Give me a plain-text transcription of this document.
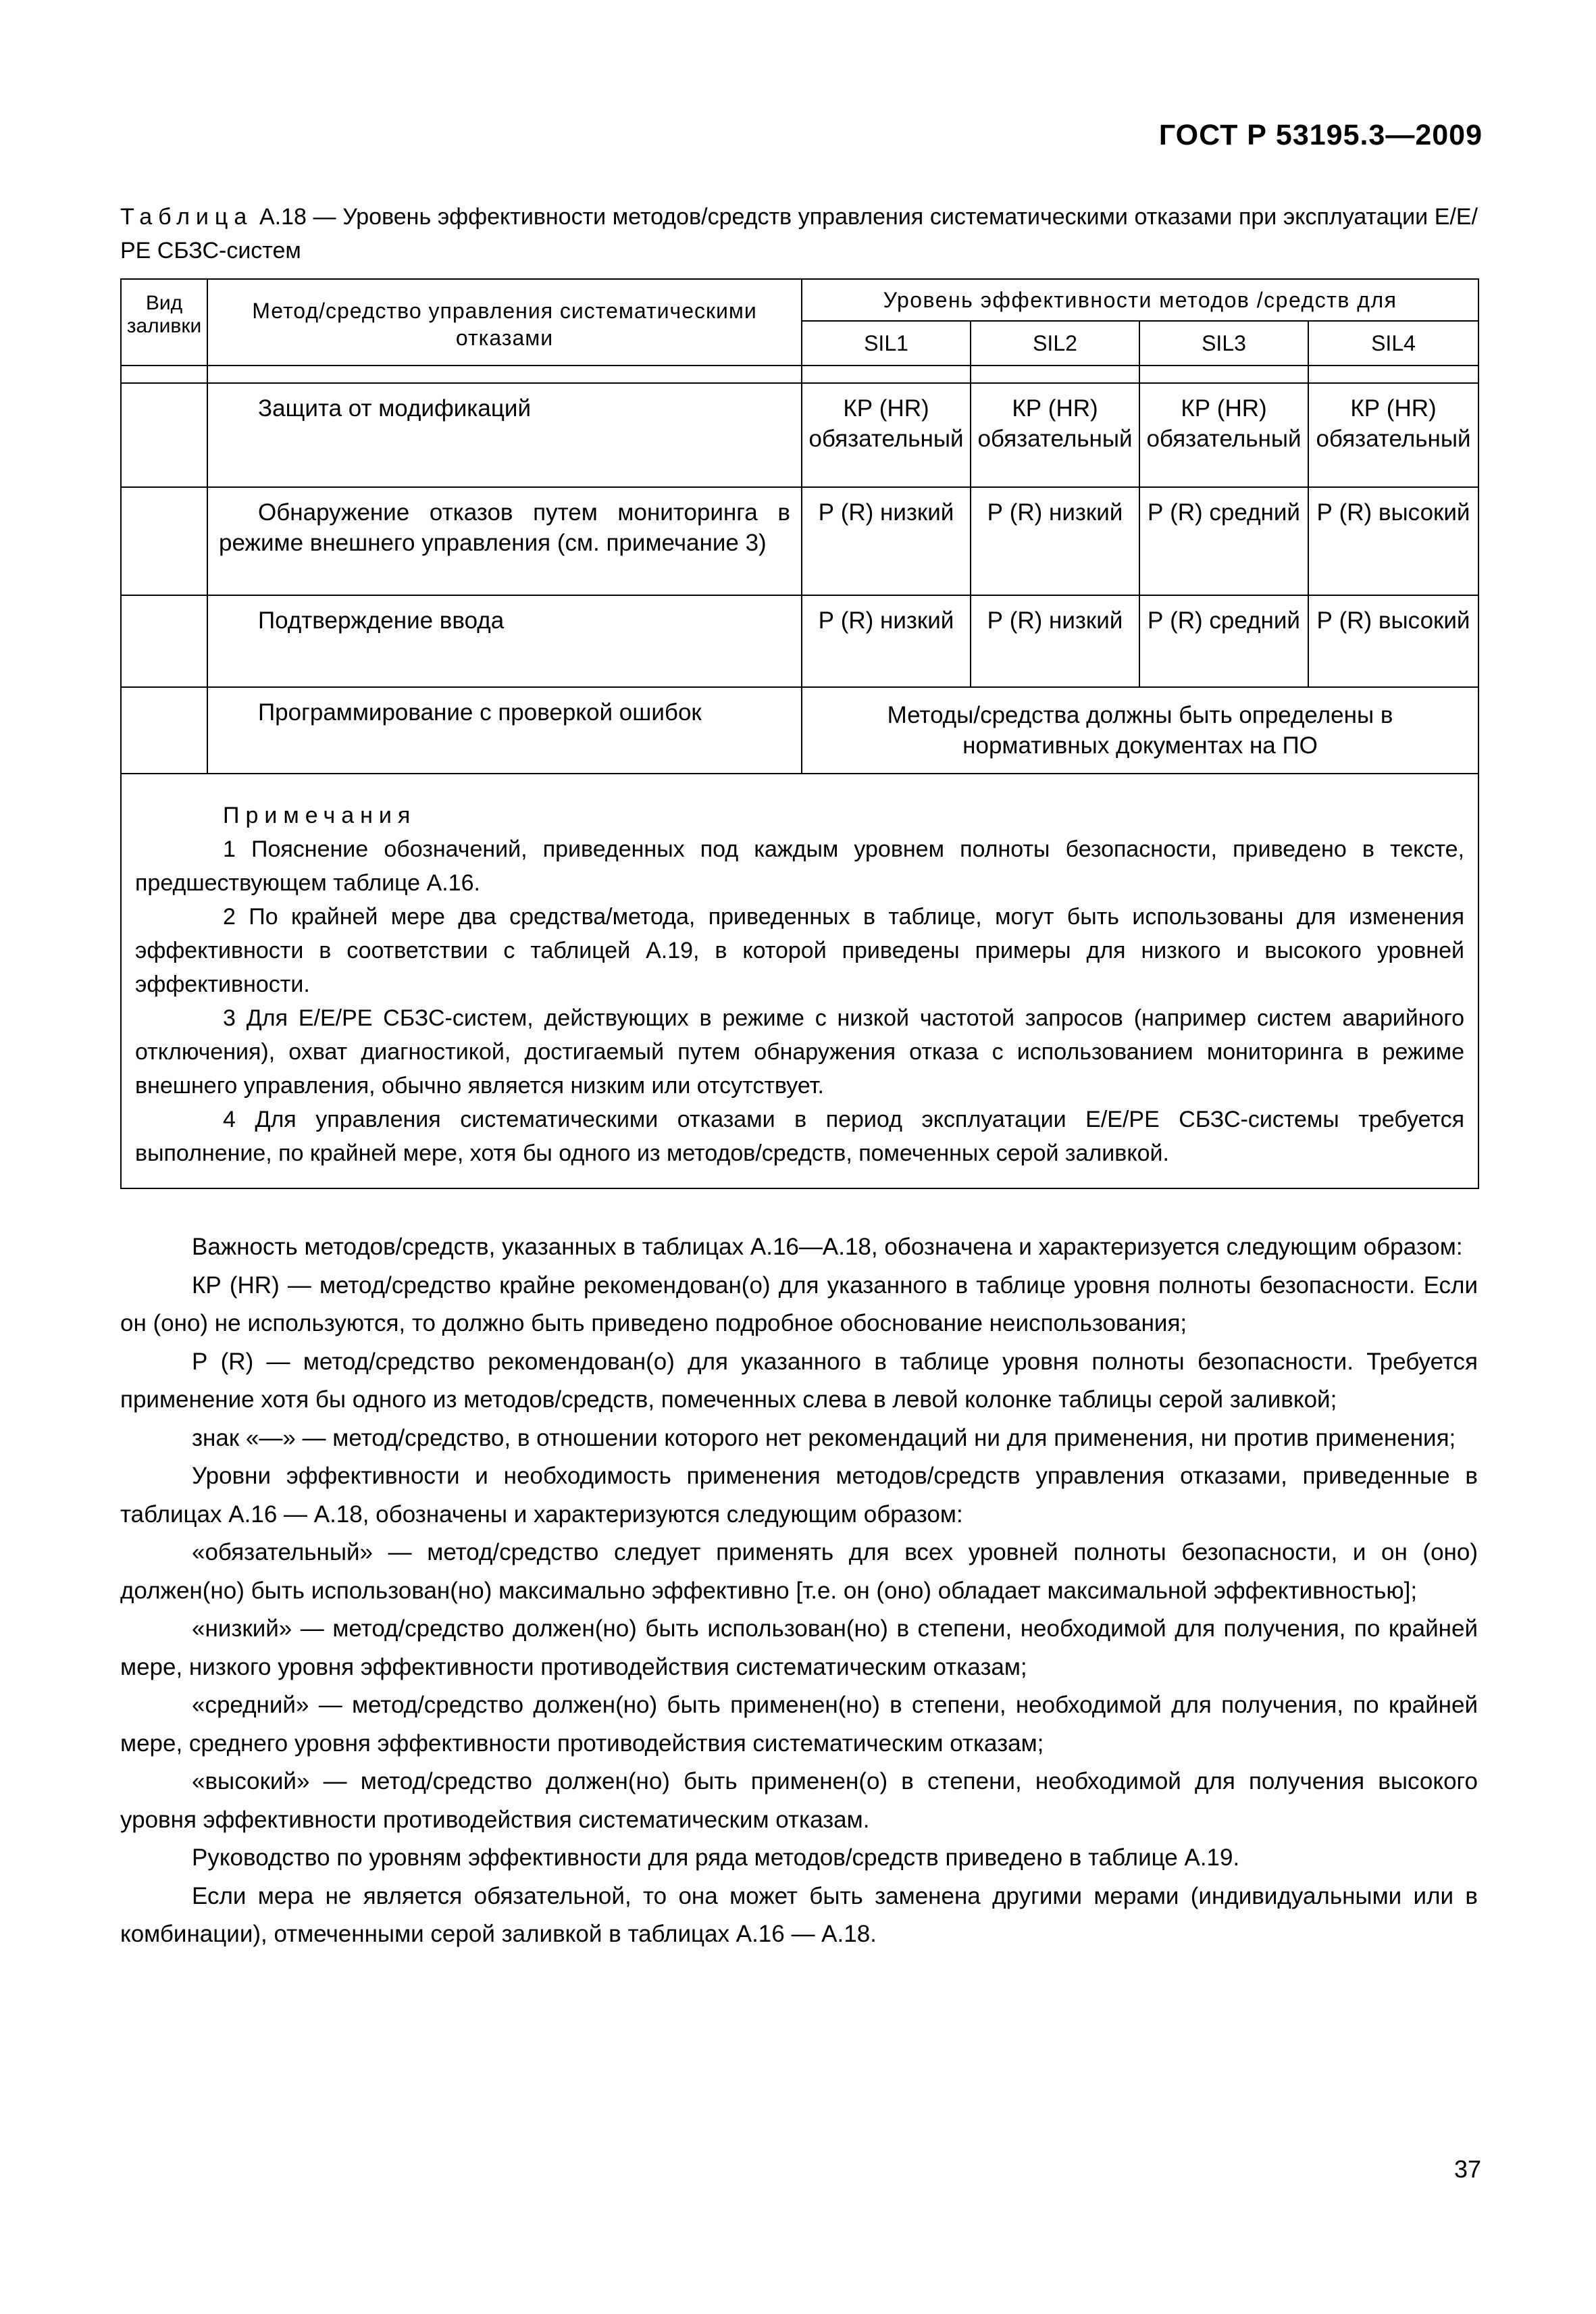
ГОСТ Р 53195.3—2009
Таблица А.18 — Уровень эффективности методов/средств управления систематическими отказами при эксплуатации Е/Е/РЕ СБЗС-систем
Вид заливки	Метод/средство управления систематическими отказами	Уровень эффективности методов /средств для			
		SIL1	SIL2	SIL3	SIL4

	Защита от модификаций	КР (HR) обязательный	КР (HR) обязательный	КР (HR) обязательный	КР (HR) обязательный
	Обнаружение отказов путем мониторинга в режиме внешнего управления (см. примечание 3)	Р (R) низкий	Р (R) низкий	Р (R) средний	Р (R) высокий
	Подтверждение ввода	Р (R) низкий	Р (R) низкий	Р (R) средний	Р (R) высокий
	Программирование с проверкой ошибок	Методы/средства должны быть определены в нормативных документах на ПО			

Примечания

1 Пояснение обозначений, приведенных под каждым уровнем полноты безопасности, приведено в тексте, предшествующем таблице А.16.

2 По крайней мере два средства/метода, приведенных в таблице, могут быть использованы для изменения эффективности в соответствии с таблицей А.19, в которой приведены примеры для низкого и высокого уровней эффективности.

3 Для Е/Е/РЕ СБЗС-систем, действующих в режиме с низкой частотой запросов (например систем аварийного отключения), охват диагностикой, достигаемый путем обнаружения отказа с использованием мониторинга в режиме внешнего управления, обычно является низким или отсутствует.

4 Для управления систематическими отказами в период эксплуатации Е/Е/РЕ СБЗС-системы требуется выполнение, по крайней мере, хотя бы одного из методов/средств, помеченных серой заливкой.					

Важность методов/средств, указанных в таблицах А.16—А.18, обозначена и характеризуется следующим образом:

КР (HR) — метод/средство крайне рекомендован(о) для указанного в таблице уровня полноты безопасности. Если он (оно) не используются, то должно быть приведено подробное обоснование неиспользования;

Р (R) — метод/средство рекомендован(о) для указанного в таблице уровня полноты безопасности. Требуется применение хотя бы одного из методов/средств, помеченных слева в левой колонке таблицы серой заливкой;

знак «—» — метод/средство, в отношении которого нет рекомендаций ни для применения, ни против применения;

Уровни эффективности и необходимость применения методов/средств управления отказами, приведенные в таблицах А.16 — А.18, обозначены и характеризуются следующим образом:

«обязательный» — метод/средство следует применять для всех уровней полноты безопасности, и он (оно) должен(но) быть использован(но) максимально эффективно [т.е. он (оно) обладает максимальной эффективностью];

«низкий» — метод/средство должен(но) быть использован(но) в степени, необходимой для получения, по крайней мере, низкого уровня эффективности противодействия систематическим отказам;

«средний» — метод/средство должен(но) быть применен(но) в степени, необходимой для получения, по крайней мере, среднего уровня эффективности противодействия систематическим отказам;

«высокий» — метод/средство должен(но) быть применен(о) в степени, необходимой для получения высокого уровня эффективности противодействия систематическим отказам.

Руководство по уровням эффективности для ряда методов/средств приведено в таблице А.19.

Если мера не является обязательной, то она может быть заменена другими мерами (индивидуальными или в комбинации), отмеченными серой заливкой в таблицах А.16 — А.18.

37
